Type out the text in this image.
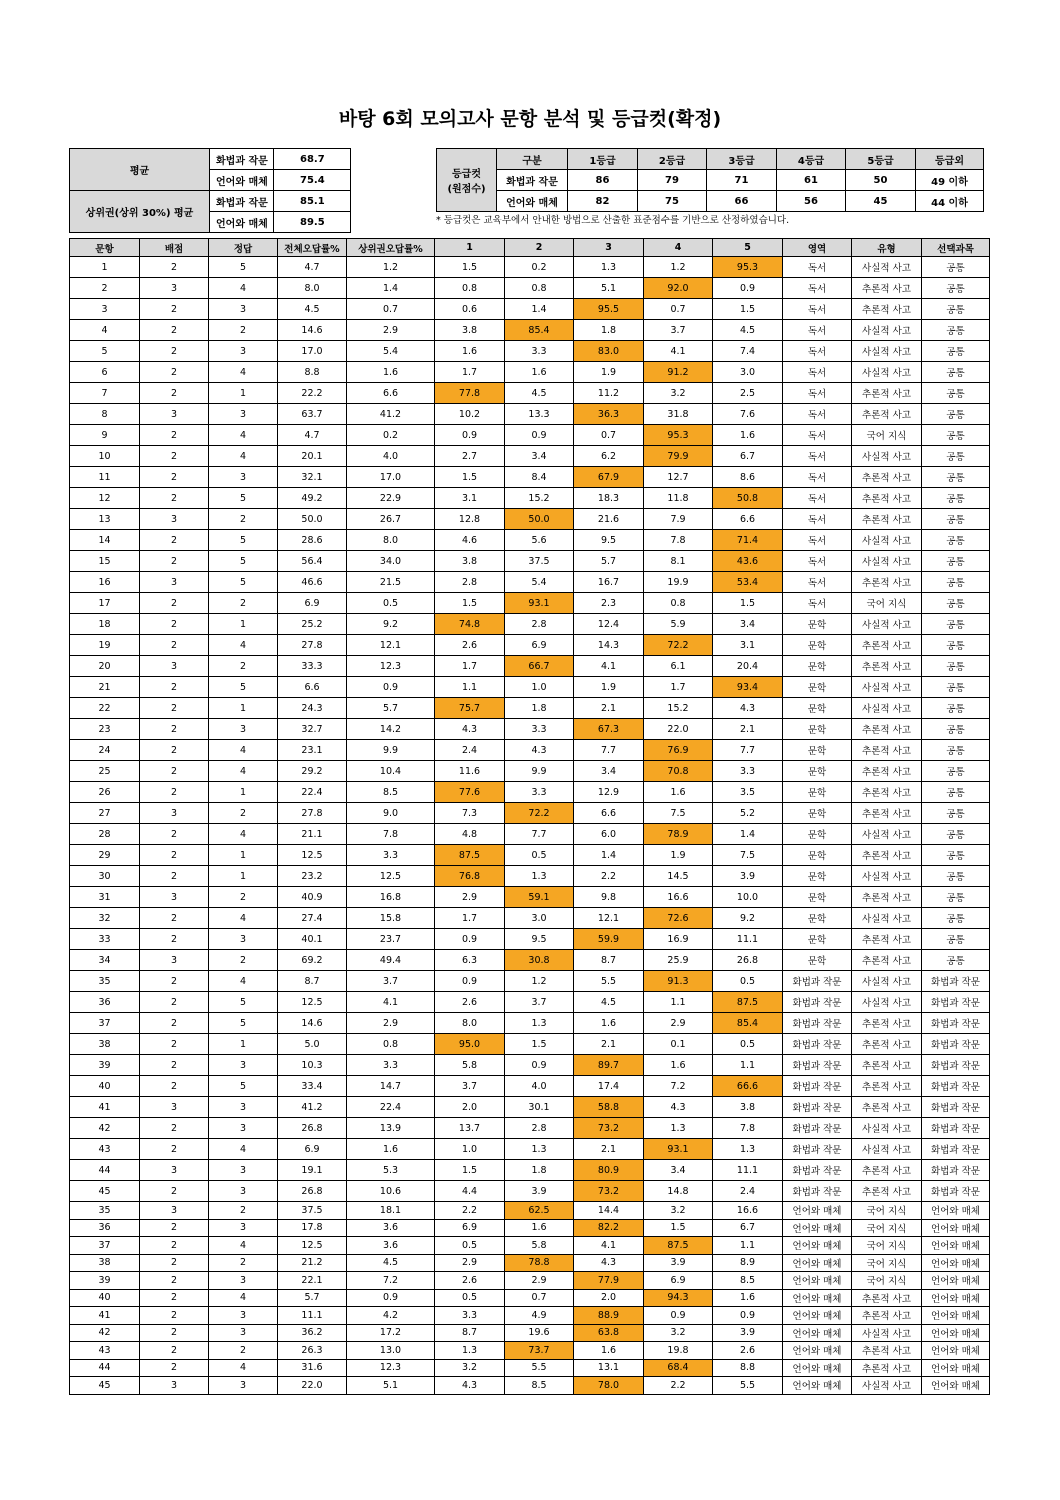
바탕 6회 모의고사 문항 분석 및 등급컷(확정)
평균	화법과 작문	68.7
	언어와 매체	75.4
상위권(상위 30%) 평균	화법과 작문	85.1
	언어와 매체	89.5
등급컷
(원점수)	구분	1등급	2등급	3등급	4등급	5등급	등급외
	화법과 작문	86	79	71	61	50	49 이하
	언어와 매체	82	75	66	56	45	44 이하
* 등급컷은 교육부에서 안내한 방법으로 산출한 표준점수를 기반으로 산정하였습니다.
문항	배점	정답	전체오답률%	상위권오답률%	1	2	3	4	5	영역	유형	선택과목
1	2	5	4.7	1.2	1.5	0.2	1.3	1.2	95.3	독서	사실적 사고	공통
2	3	4	8.0	1.4	0.8	0.8	5.1	92.0	0.9	독서	추론적 사고	공통
3	2	3	4.5	0.7	0.6	1.4	95.5	0.7	1.5	독서	추론적 사고	공통
4	2	2	14.6	2.9	3.8	85.4	1.8	3.7	4.5	독서	사실적 사고	공통
5	2	3	17.0	5.4	1.6	3.3	83.0	4.1	7.4	독서	사실적 사고	공통
6	2	4	8.8	1.6	1.7	1.6	1.9	91.2	3.0	독서	사실적 사고	공통
7	2	1	22.2	6.6	77.8	4.5	11.2	3.2	2.5	독서	추론적 사고	공통
8	3	3	63.7	41.2	10.2	13.3	36.3	31.8	7.6	독서	추론적 사고	공통
9	2	4	4.7	0.2	0.9	0.9	0.7	95.3	1.6	독서	국어 지식	공통
10	2	4	20.1	4.0	2.7	3.4	6.2	79.9	6.7	독서	사실적 사고	공통
11	2	3	32.1	17.0	1.5	8.4	67.9	12.7	8.6	독서	추론적 사고	공통
12	2	5	49.2	22.9	3.1	15.2	18.3	11.8	50.8	독서	추론적 사고	공통
13	3	2	50.0	26.7	12.8	50.0	21.6	7.9	6.6	독서	추론적 사고	공통
14	2	5	28.6	8.0	4.6	5.6	9.5	7.8	71.4	독서	사실적 사고	공통
15	2	5	56.4	34.0	3.8	37.5	5.7	8.1	43.6	독서	사실적 사고	공통
16	3	5	46.6	21.5	2.8	5.4	16.7	19.9	53.4	독서	추론적 사고	공통
17	2	2	6.9	0.5	1.5	93.1	2.3	0.8	1.5	독서	국어 지식	공통
18	2	1	25.2	9.2	74.8	2.8	12.4	5.9	3.4	문학	사실적 사고	공통
19	2	4	27.8	12.1	2.6	6.9	14.3	72.2	3.1	문학	추론적 사고	공통
20	3	2	33.3	12.3	1.7	66.7	4.1	6.1	20.4	문학	추론적 사고	공통
21	2	5	6.6	0.9	1.1	1.0	1.9	1.7	93.4	문학	사실적 사고	공통
22	2	1	24.3	5.7	75.7	1.8	2.1	15.2	4.3	문학	사실적 사고	공통
23	2	3	32.7	14.2	4.3	3.3	67.3	22.0	2.1	문학	추론적 사고	공통
24	2	4	23.1	9.9	2.4	4.3	7.7	76.9	7.7	문학	추론적 사고	공통
25	2	4	29.2	10.4	11.6	9.9	3.4	70.8	3.3	문학	추론적 사고	공통
26	2	1	22.4	8.5	77.6	3.3	12.9	1.6	3.5	문학	추론적 사고	공통
27	3	2	27.8	9.0	7.3	72.2	6.6	7.5	5.2	문학	추론적 사고	공통
28	2	4	21.1	7.8	4.8	7.7	6.0	78.9	1.4	문학	사실적 사고	공통
29	2	1	12.5	3.3	87.5	0.5	1.4	1.9	7.5	문학	추론적 사고	공통
30	2	1	23.2	12.5	76.8	1.3	2.2	14.5	3.9	문학	사실적 사고	공통
31	3	2	40.9	16.8	2.9	59.1	9.8	16.6	10.0	문학	추론적 사고	공통
32	2	4	27.4	15.8	1.7	3.0	12.1	72.6	9.2	문학	사실적 사고	공통
33	2	3	40.1	23.7	0.9	9.5	59.9	16.9	11.1	문학	추론적 사고	공통
34	3	2	69.2	49.4	6.3	30.8	8.7	25.9	26.8	문학	추론적 사고	공통
35	2	4	8.7	3.7	0.9	1.2	5.5	91.3	0.5	화법과 작문	사실적 사고	화법과 작문
36	2	5	12.5	4.1	2.6	3.7	4.5	1.1	87.5	화법과 작문	사실적 사고	화법과 작문
37	2	5	14.6	2.9	8.0	1.3	1.6	2.9	85.4	화법과 작문	추론적 사고	화법과 작문
38	2	1	5.0	0.8	95.0	1.5	2.1	0.1	0.5	화법과 작문	추론적 사고	화법과 작문
39	2	3	10.3	3.3	5.8	0.9	89.7	1.6	1.1	화법과 작문	추론적 사고	화법과 작문
40	2	5	33.4	14.7	3.7	4.0	17.4	7.2	66.6	화법과 작문	추론적 사고	화법과 작문
41	3	3	41.2	22.4	2.0	30.1	58.8	4.3	3.8	화법과 작문	추론적 사고	화법과 작문
42	2	3	26.8	13.9	13.7	2.8	73.2	1.3	7.8	화법과 작문	사실적 사고	화법과 작문
43	2	4	6.9	1.6	1.0	1.3	2.1	93.1	1.3	화법과 작문	사실적 사고	화법과 작문
44	3	3	19.1	5.3	1.5	1.8	80.9	3.4	11.1	화법과 작문	추론적 사고	화법과 작문
45	2	3	26.8	10.6	4.4	3.9	73.2	14.8	2.4	화법과 작문	추론적 사고	화법과 작문
35	3	2	37.5	18.1	2.2	62.5	14.4	3.2	16.6	언어와 매체	국어 지식	언어와 매체
36	2	3	17.8	3.6	6.9	1.6	82.2	1.5	6.7	언어와 매체	국어 지식	언어와 매체
37	2	4	12.5	3.6	0.5	5.8	4.1	87.5	1.1	언어와 매체	국어 지식	언어와 매체
38	2	2	21.2	4.5	2.9	78.8	4.3	3.9	8.9	언어와 매체	국어 지식	언어와 매체
39	2	3	22.1	7.2	2.6	2.9	77.9	6.9	8.5	언어와 매체	국어 지식	언어와 매체
40	2	4	5.7	0.9	0.5	0.7	2.0	94.3	1.6	언어와 매체	추론적 사고	언어와 매체
41	2	3	11.1	4.2	3.3	4.9	88.9	0.9	0.9	언어와 매체	추론적 사고	언어와 매체
42	2	3	36.2	17.2	8.7	19.6	63.8	3.2	3.9	언어와 매체	사실적 사고	언어와 매체
43	2	2	26.3	13.0	1.3	73.7	1.6	19.8	2.6	언어와 매체	추론적 사고	언어와 매체
44	2	4	31.6	12.3	3.2	5.5	13.1	68.4	8.8	언어와 매체	추론적 사고	언어와 매체
45	3	3	22.0	5.1	4.3	8.5	78.0	2.2	5.5	언어와 매체	사실적 사고	언어와 매체
